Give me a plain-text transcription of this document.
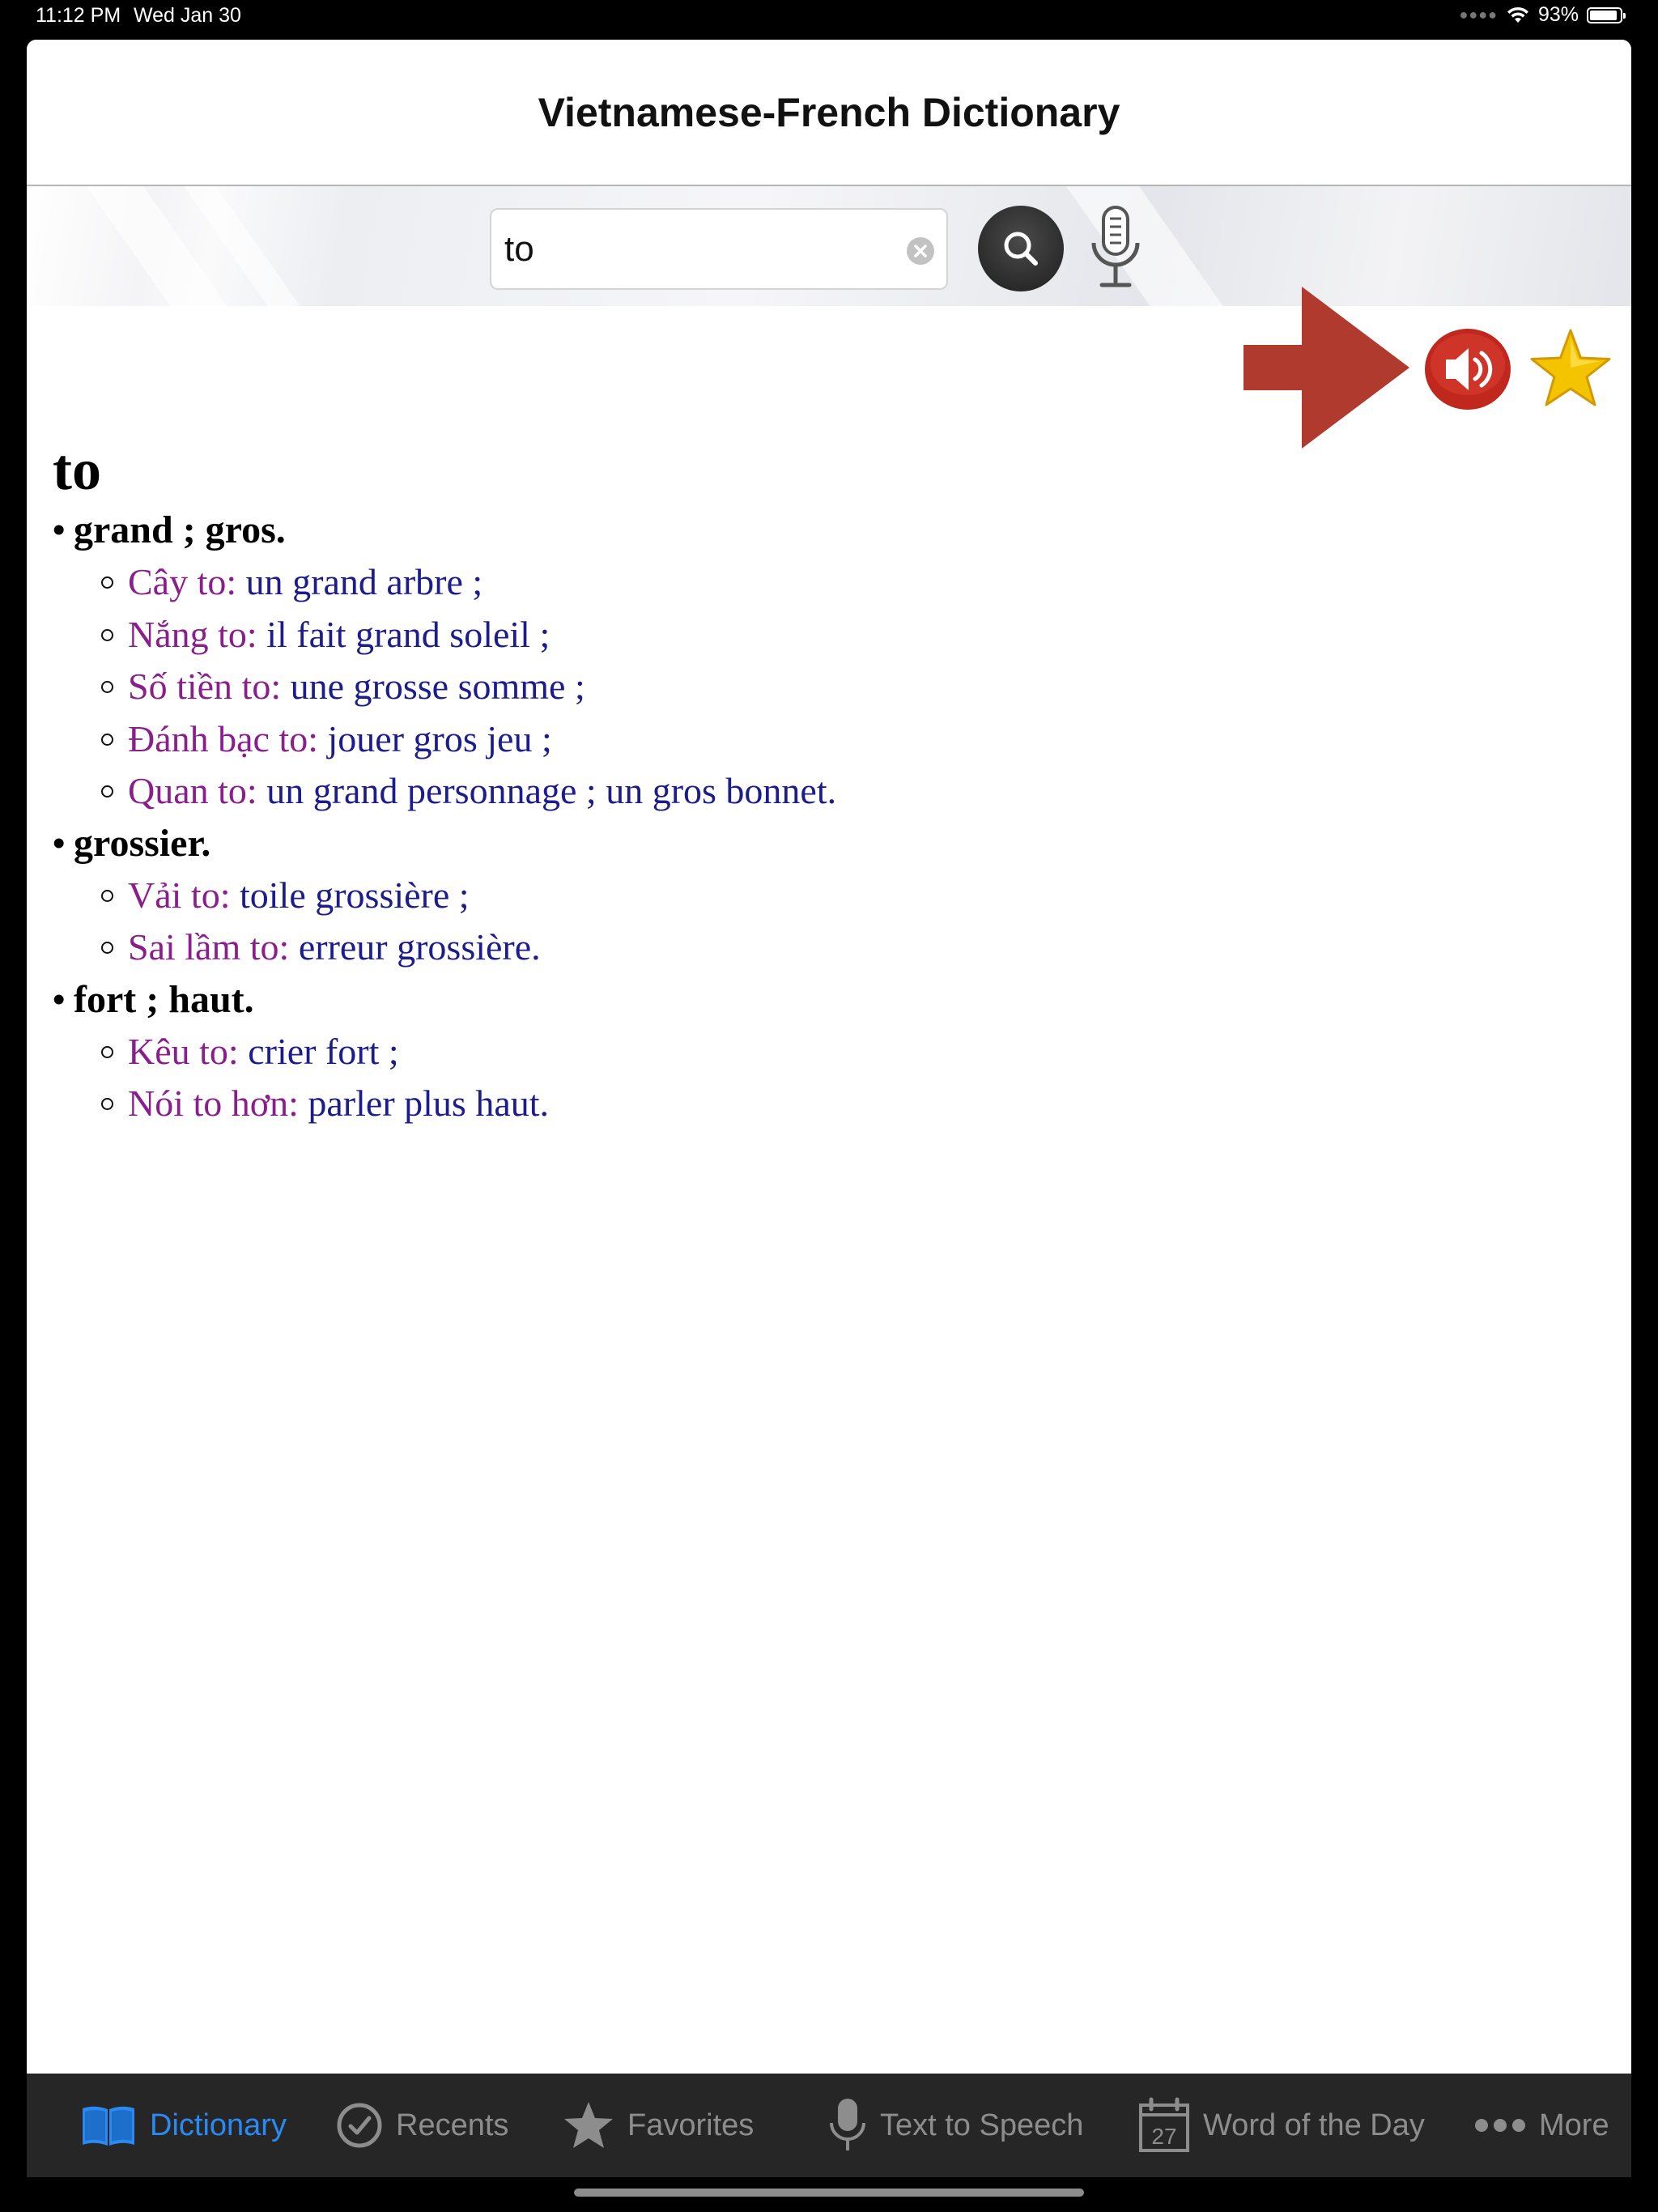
11:12 PM Wed Jan 30	●●●● 93%
Vietnamese-French Dictionary
to
to
• grand ; gros.
Cây to: un grand arbre ;
Nắng to: il fait grand soleil ;
Số tiền to: une grosse somme ;
Đánh bạc to: jouer gros jeu ;
Quan to: un grand personnage ; un gros bonnet.
• grossier.
Vải to: toile grossière ;
Sai lầm to: erreur grossière.
• fort ; haut.
Kêu to: crier fort ;
Nói to hơn: parler plus haut.
Dictionary	Recents	Favorites	Text to Speech	27 Word of the Day	More
